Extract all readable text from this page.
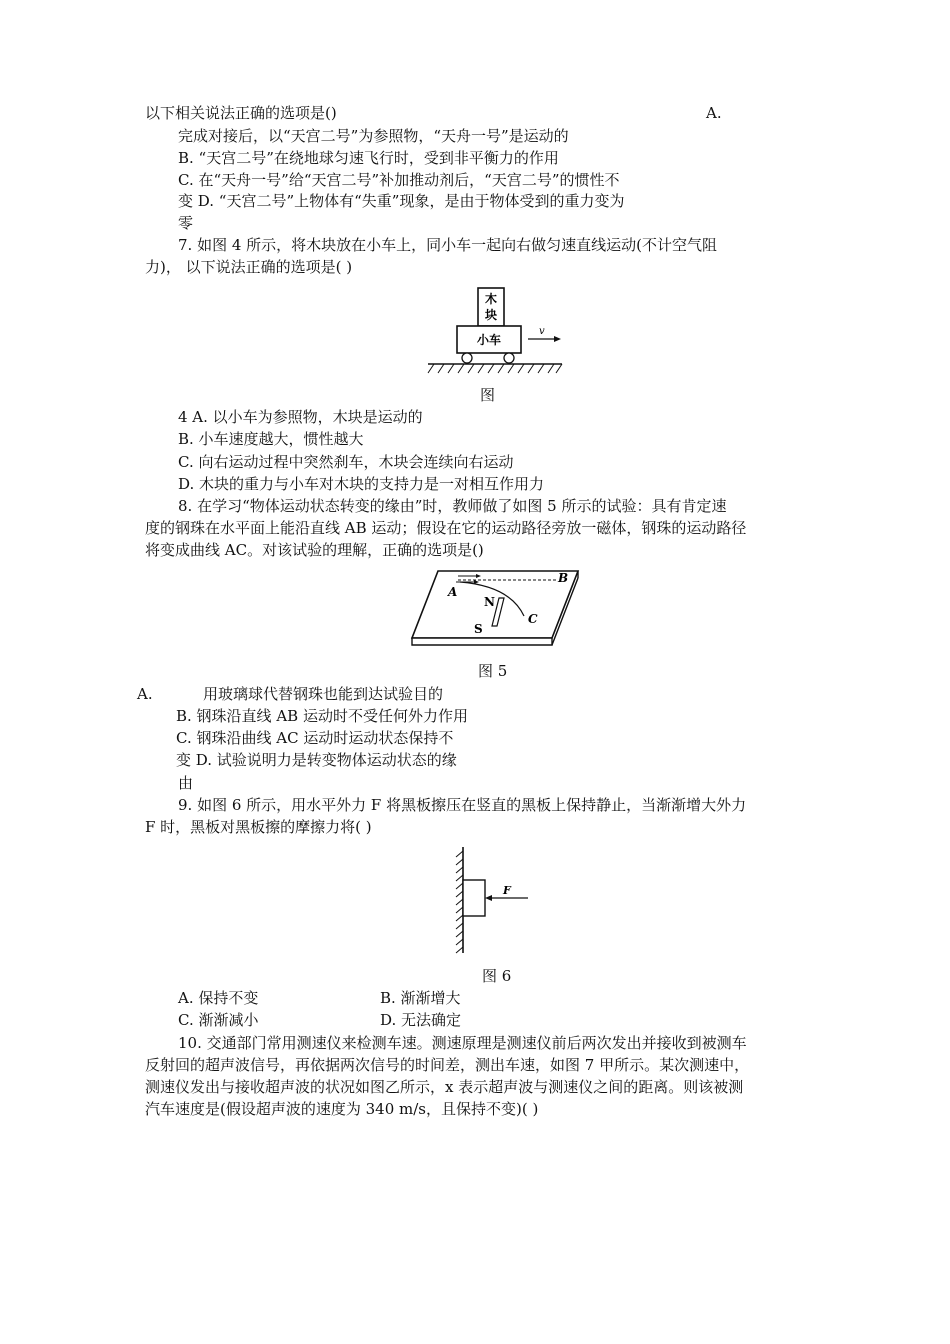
以下相关说法正确的选项是()	A.
完成对接后，以“天宫二号”为参照物，“天舟一号”是运动的
B. “天宫二号”在绕地球匀速飞行时，受到非平衡力的作用
C. 在“天舟一号”给“天宫二号”补加推动剂后，“天宫二号”的惯性不
变 D. “天宫二号”上物体有“失重”现象，是由于物体受到的重力变为
零
7. 如图 4 所示，将木块放在小车上，同小车一起向右做匀速直线运动(不计空气阻
力)， 以下说法正确的选项是( )
木
块
小车
v
图
4 A. 以小车为参照物，木块是运动的
B. 小车速度越大，惯性越大
C. 向右运动过程中突然刹车，木块会连续向右运动
D. 木块的重力与小车对木块的支持力是一对相互作用力
8. 在学习“物体运动状态转变的缘由”时，教师做了如图 5 所示的试验：具有肯定速
度的钢珠在水平面上能沿直线 AB 运动；假设在它的运动路径旁放一磁体，钢珠的运动路径
将变成曲线 AC。对该试验的理解，正确的选项是()
A
B
C
N
S
图 5
A.	用玻璃球代替钢珠也能到达试验目的
B. 钢珠沿直线 AB 运动时不受任何外力作用
C. 钢珠沿曲线 AC 运动时运动状态保持不
变 D. 试验说明力是转变物体运动状态的缘
由
9. 如图 6 所示，用水平外力 F 将黑板擦压在竖直的黑板上保持静止，当渐渐增大外力
F 时，黑板对黑板擦的摩擦力将( )
F
图 6
A. 保持不变	B. 渐渐增大
C. 渐渐减小	D. 无法确定
10. 交通部门常用测速仪来检测车速。测速原理是测速仪前后两次发出并接收到被测车
反射回的超声波信号，再依据两次信号的时间差，测出车速，如图 7 甲所示。某次测速中，
测速仪发出与接收超声波的状况如图乙所示，x 表示超声波与测速仪之间的距离。则该被测
汽车速度是(假设超声波的速度为 340 m/s，且保持不变)( )
